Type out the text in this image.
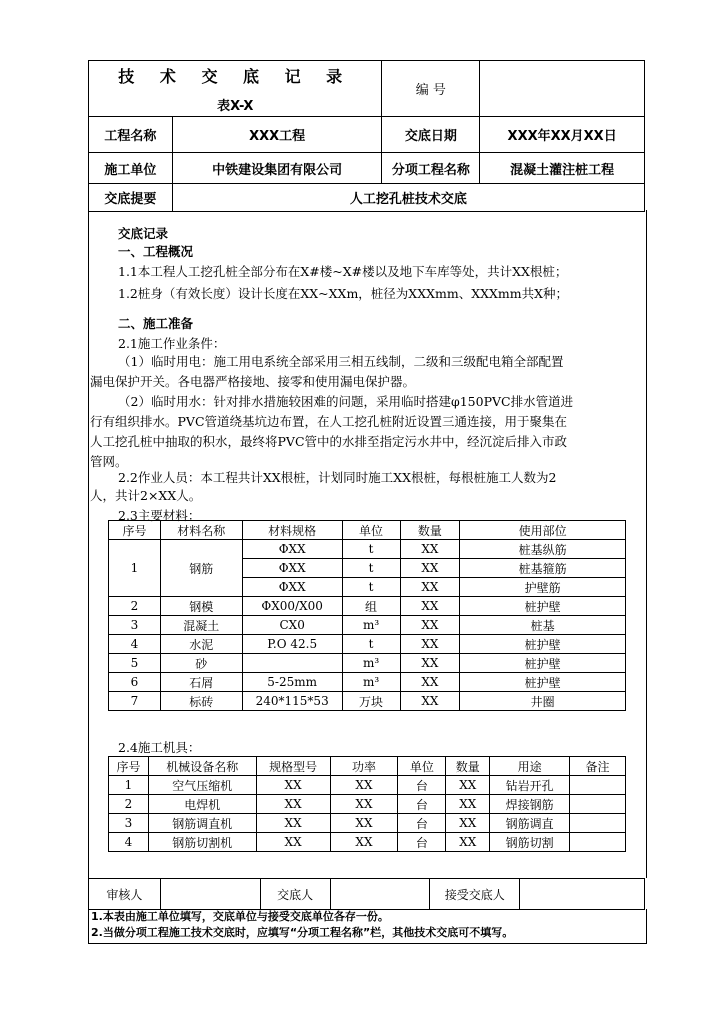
技 术 交 底 记 录
表X-X		编 号	
工程名称	XXX工程	交底日期	XXX年XX月XX日
施工单位	中铁建设集团有限公司	分项工程名称	混凝土灌注桩工程
交底提要	人工挖孔桩技术交底		
交底记录
一、工程概况
1.1本工程人工挖孔桩全部分布在X#楼~X#楼以及地下车库等处，共计XX根桩；
1.2桩身（有效长度）设计长度在XX~XXm，桩径为XXXmm、XXXmm共X种；
二、施工准备
2.1施工作业条件：
（1）临时用电：施工用电系统全部采用三相五线制，二级和三级配电箱全部配置
漏电保护开关。各电器严格接地、接零和使用漏电保护器。
（2）临时用水：针对排水措施较困难的问题，采用临时搭建φ150PVC排水管道进
行有组织排水。PVC管道绕基坑边布置，在人工挖孔桩附近设置三通连接，用于聚集在
人工挖孔桩中抽取的积水，最终将PVC管中的水排至指定污水井中，经沉淀后排入市政
管网。
2.2作业人员：本工程共计XX根桩，计划同时施工XX根桩，每根桩施工人数为2
人，共计2×XX人。
2.3主要材料：
序号	材料名称	材料规格	单位	数量	使用部位
1	钢筋	ΦXX	t	XX	桩基纵筋
		ΦXX	t	XX	桩基箍筋
		ΦXX	t	XX	护壁筋
2	钢模	ΦX00/X00	组	XX	桩护壁
3	混凝土	CX0	m³	XX	桩基
4	水泥	P.O 42.5	t	XX	桩护壁
5	砂		m³	XX	桩护壁
6	石屑	5-25mm	m³	XX	桩护壁
7	标砖	240*115*53	万块	XX	井圈
2.4施工机具：
序号	机械设备名称	规格型号	功率	单位	数量	用途	备注
1	空气压缩机	XX	XX	台	XX	钻岩开孔	
2	电焊机	XX	XX	台	XX	焊接钢筋	
3	钢筋调直机	XX	XX	台	XX	钢筋调直	
4	钢筋切割机	XX	XX	台	XX	钢筋切割	
审核人		交底人		接受交底人	
1.本表由施工单位填写，交底单位与接受交底单位各存一份。
2.当做分项工程施工技术交底时，应填写“分项工程名称”栏，其他技术交底可不填写。
